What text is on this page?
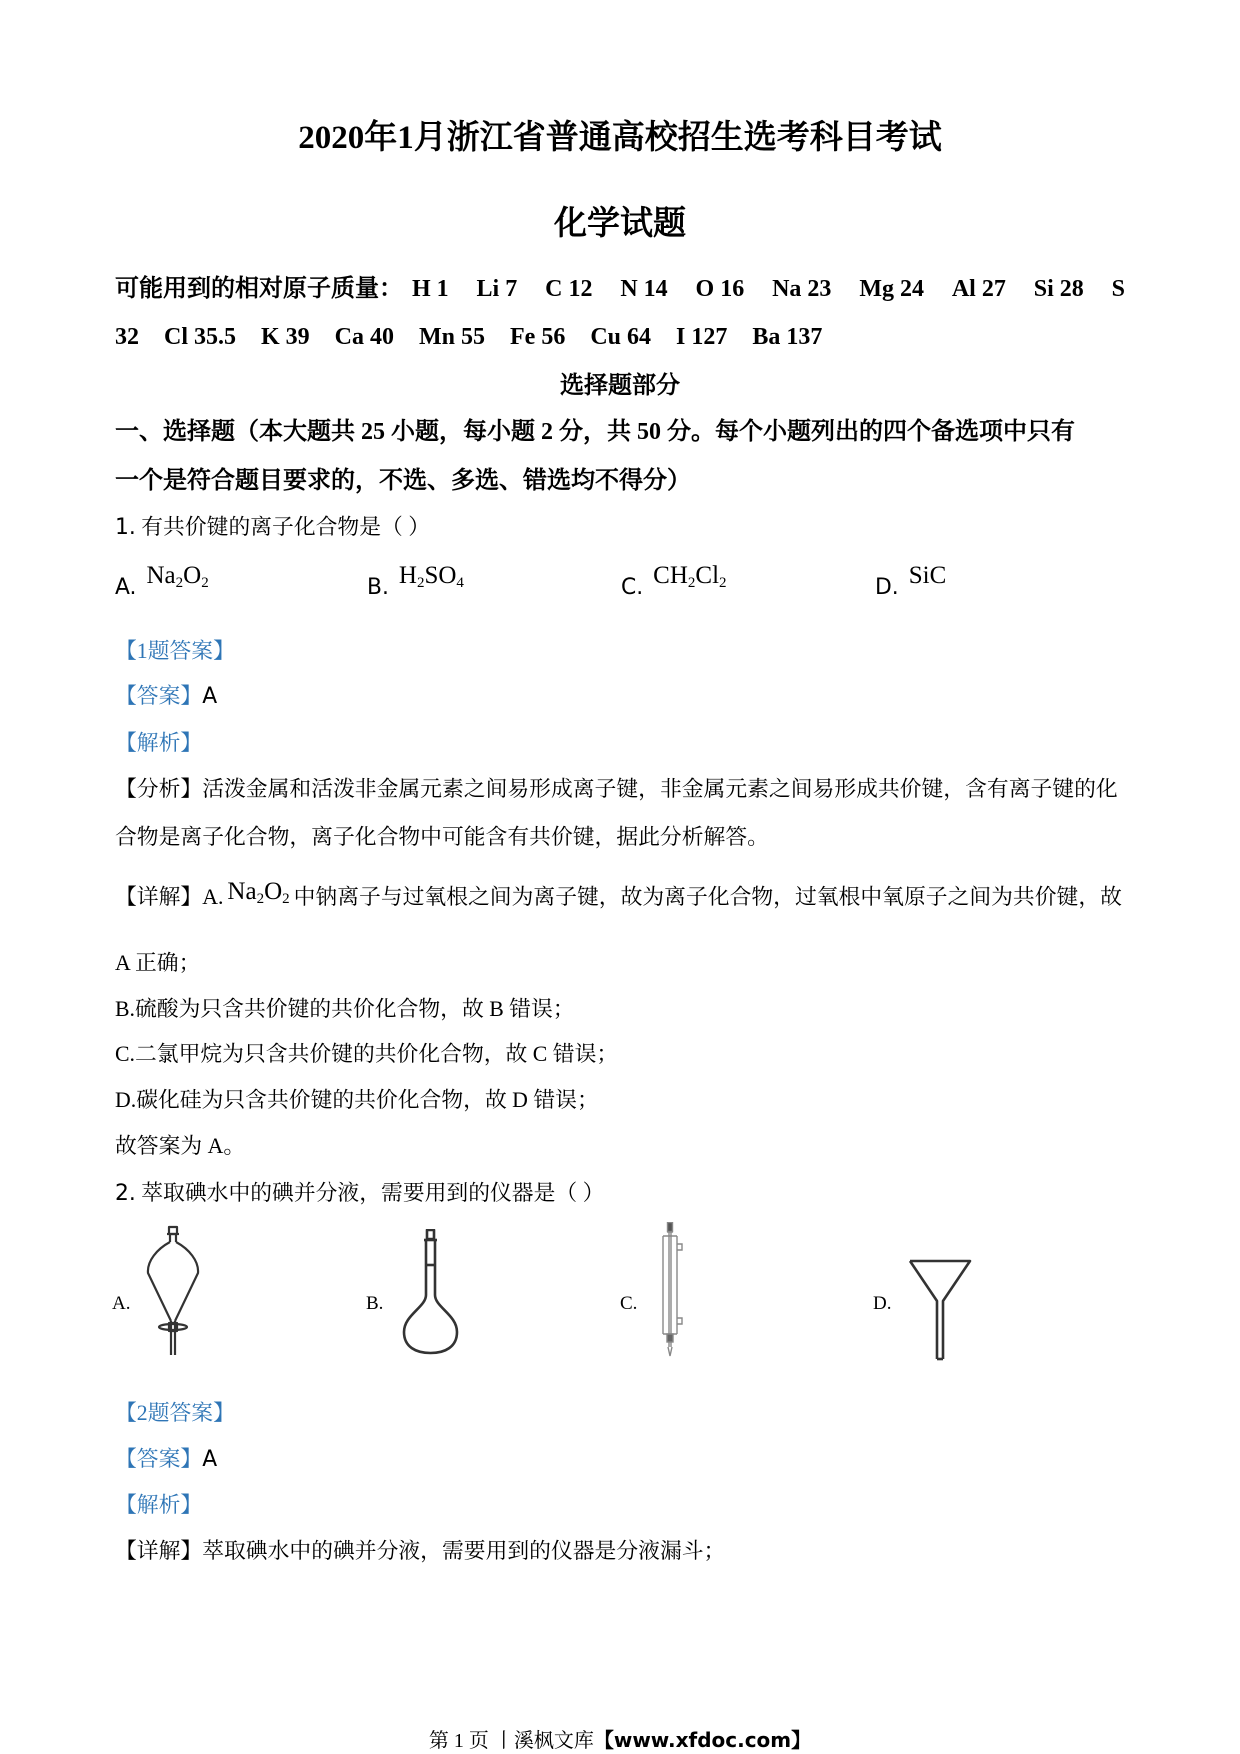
2020年1月浙江省普通高校招生选考科目考试
化学试题
可能用到的相对原子质量： H 1 Li 7 C 12 N 14 O 16 Na 23 Mg 24 Al 27 Si 28 S
32 Cl 35.5 K 39 Ca 40 Mn 55 Fe 56 Cu 64 I 127 Ba 137
选择题部分
一、选择题（本大题共 25 小题，每小题 2 分，共 50 分。每个小题列出的四个备选项中只有
一个是符合题目要求的，不选、多选、错选均不得分）
1. 有共价键的离子化合物是（ ）
A. $Na_2O_2$	B. $H_2SO_4$	C. $CH_2Cl_2$	D. SiC
【1题答案】
【答案】A
【解析】
【分析】活泼金属和活泼非金属元素之间易形成离子键，非金属元素之间易形成共价键，含有离子键的化
合物是离子化合物，离子化合物中可能含有共价键，据此分析解答。
【详解】A. $Na_2O_2$ 中钠离子与过氧根之间为离子键，故为离子化合物，过氧根中氧原子之间为共价键，故
A 正确；
B.硫酸为只含共价键的共价化合物，故 B 错误；
C.二氯甲烷为只含共价键的共价化合物，故 C 错误；
D.碳化硅为只含共价键的共价化合物，故 D 错误；
故答案为 A。
2. 萃取碘水中的碘并分液，需要用到的仪器是（ ）
A.	B.	C.	D.
【2题答案】
【答案】A
【解析】
【详解】萃取碘水中的碘并分液，需要用到的仪器是分液漏斗；
第 1 页 丨溪枫文库【www.xfdoc.com】
